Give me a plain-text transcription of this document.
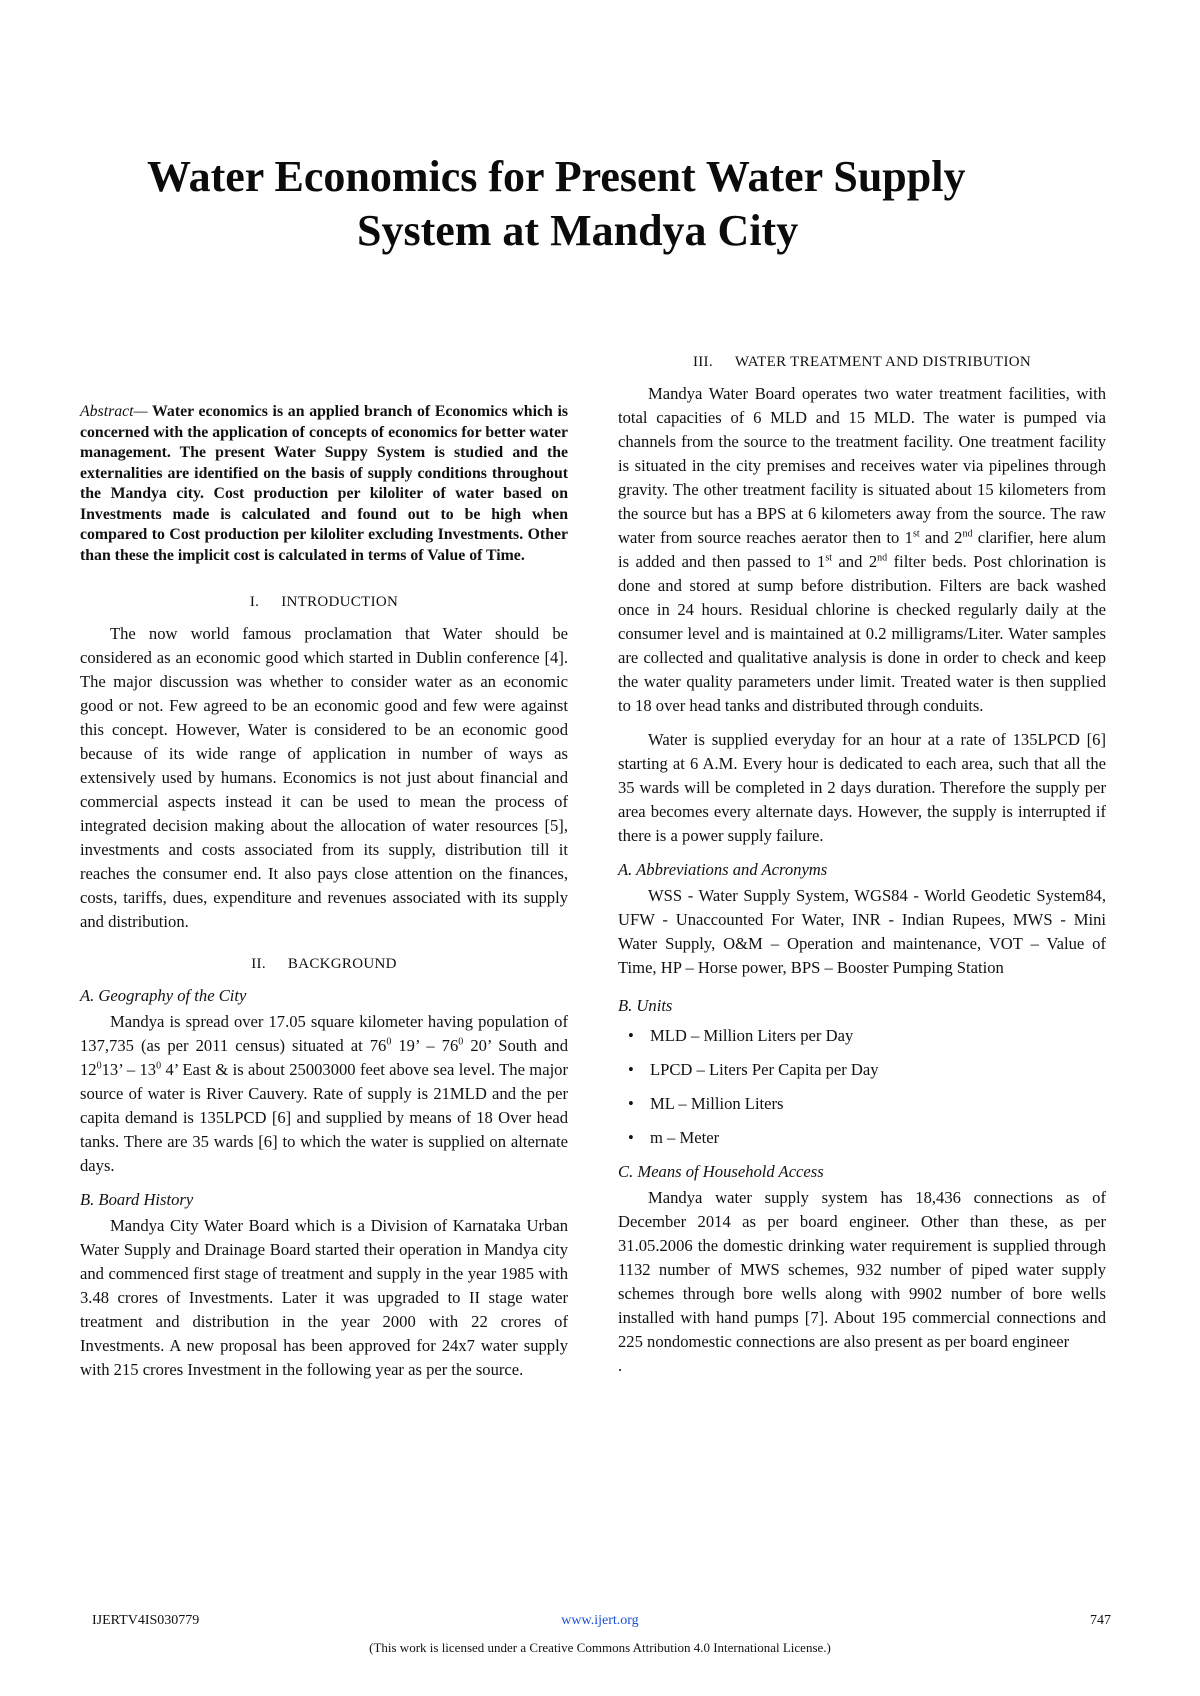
Water Economics for Present Water Supply
System at Mandya City

Abstract— Water economics is an applied branch of Economics which is concerned with the application of concepts of economics for better water management. The present Water Suppy System is studied and the externalities are identified on the basis of supply conditions throughout the Mandya city. Cost production per kiloliter of water based on Investments made is calculated and found out to be high when compared to Cost production per kiloliter excluding Investments. Other than these the implicit cost is calculated in terms of Value of Time.

I. INTRODUCTION

The now world famous proclamation that Water should be considered as an economic good which started in Dublin conference [4]. The major discussion was whether to consider water as an economic good or not. Few agreed to be an economic good and few were against this concept. However, Water is considered to be an economic good because of its wide range of application in number of ways as extensively used by humans. Economics is not just about financial and commercial aspects instead it can be used to mean the process of integrated decision making about the allocation of water resources [5], investments and costs associated from its supply, distribution till it reaches the consumer end. It also pays close attention on the finances, costs, tariffs, dues, expenditure and revenues associated with its supply and distribution.

II. BACKGROUND
A. Geography of the City

Mandya is spread over 17.05 square kilometer having population of 137,735 (as per 2011 census) situated at $76^0$ 19’ – $76^0$ 20’ South and $12^013$’ – $13^0$ 4’ East & is about 25003000 feet above sea level. The major source of water is River Cauvery. Rate of supply is 21MLD and the per capita demand is 135LPCD [6] and supplied by means of 18 Over head tanks. There are 35 wards [6] to which the water is supplied on alternate days.

B. Board History

Mandya City Water Board which is a Division of Karnataka Urban Water Supply and Drainage Board started their operation in Mandya city and commenced first stage of treatment and supply in the year 1985 with 3.48 crores of Investments. Later it was upgraded to II stage water treatment and distribution in the year 2000 with 22 crores of Investments. A new proposal has been approved for 24x7 water supply with 215 crores Investment in the following year as per the source.

III. WATER TREATMENT AND DISTRIBUTION

Mandya Water Board operates two water treatment facilities, with total capacities of 6 MLD and 15 MLD. The water is pumped via channels from the source to the treatment facility. One treatment facility is situated in the city premises and receives water via pipelines through gravity. The other treatment facility is situated about 15 kilometers from the source but has a BPS at 6 kilometers away from the source. The raw water from source reaches aerator then to 1st and 2nd clarifier, here alum is added and then passed to 1st and 2nd filter beds. Post chlorination is done and stored at sump before distribution. Filters are back washed once in 24 hours. Residual chlorine is checked regularly daily at the consumer level and is maintained at 0.2 milligrams/Liter. Water samples are collected and qualitative analysis is done in order to check and keep the water quality parameters under limit. Treated water is then supplied to 18 over head tanks and distributed through conduits.

Water is supplied everyday for an hour at a rate of 135LPCD [6] starting at 6 A.M. Every hour is dedicated to each area, such that all the 35 wards will be completed in 2 days duration. Therefore the supply per area becomes every alternate days. However, the supply is interrupted if there is a power supply failure.

A. Abbreviations and Acronyms

WSS - Water Supply System, WGS84 - World Geodetic System84, UFW - Unaccounted For Water, INR - Indian Rupees, MWS - Mini Water Supply, O&M – Operation and maintenance, VOT – Value of Time, HP – Horse power, BPS – Booster Pumping Station

B. Units
• MLD – Million Liters per Day
• LPCD – Liters Per Capita per Day
• ML – Million Liters
• m – Meter
C. Means of Household Access

Mandya water supply system has 18,436 connections as of December 2014 as per board engineer. Other than these, as per 31.05.2006 the domestic drinking water requirement is supplied through 1132 number of MWS schemes, 932 number of piped water supply schemes through bore wells along with 9902 number of bore wells installed with hand pumps [7]. About 195 commercial connections and 225 nondomestic connections are also present as per board engineer

.

IJERTV4IS030779	www.ijert.org	747
(This work is licensed under a Creative Commons Attribution 4.0 International License.)
